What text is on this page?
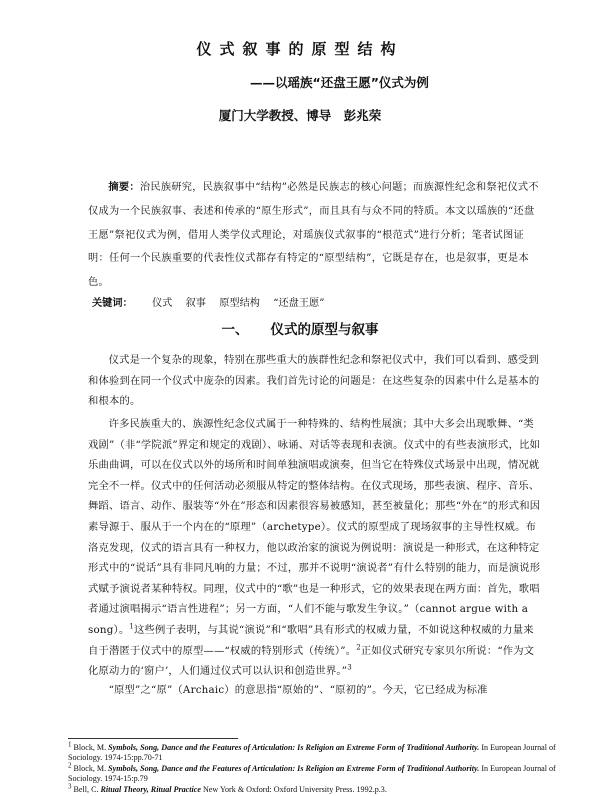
仪式叙事的原型结构
——以瑶族“还盘王愿”仪式为例
厦门大学教授、博导　彭兆荣

摘要：治民族研究，民族叙事中“结构”必然是民族志的核心问题；而族源性纪念和祭祀仪式不仅成为一个民族叙事、表述和传承的“原生形式”，而且具有与众不同的特质。本文以瑶族的“还盘王愿”祭祀仪式为例，借用人类学仪式理论，对瑶族仪式叙事的“根范式”进行分析；笔者试图证明：任何一个民族重要的代表性仪式都存有特定的“原型结构”，它既是存在，也是叙事，更是本色。

关键词： 仪式 叙事 原型结构 “还盘王愿”
一、 仪式的原型与叙事

仪式是一个复杂的现象，特别在那些重大的族群性纪念和祭祀仪式中，我们可以看到、感受到和体验到在同一个仪式中庞杂的因素。我们首先讨论的问题是：在这些复杂的因素中什么是基本的和根本的。

许多民族重大的、族源性纪念仪式属于一种特殊的、结构性展演；其中大多会出现歌舞、“类戏剧”（非“学院派”界定和规定的戏剧）、咏诵、对话等表现和表演。仪式中的有些表演形式，比如乐曲曲调，可以在仪式以外的场所和时间单独演唱或演奏，但当它在特殊仪式场景中出现，情况就完全不一样。仪式中的任何活动必须服从特定的整体结构。在仪式现场，那些表演、程序、音乐、舞蹈、语言、动作、服装等“外在”形态和因素很容易被感知，甚至被量化；那些“外在”的形式和因素导源于、服从于一个内在的“原理”（archetype）。仪式的原型成了现场叙事的主导性权威。布洛克发现，仪式的语言具有一种权力，他以政治家的演说为例说明：演说是一种形式，在这种特定形式中的“说话”具有非同凡响的力量；不过，那并不说明“演说者”有什么特别的能力，而是演说形式赋予演说者某种特权。同理，仪式中的“歌”也是一种形式，它的效果表现在两方面：首先，歌唱者通过演唱揭示“语言性进程”；另一方面，“人们不能与歌发生争议。”（cannot argue with a song）。$^1$这些例子表明，与其说“演说”和“歌唱”具有形式的权威力量，不如说这种权威的力量来自于潜匿于仪式中的原型——“权威的特别形式（传统）”。$^2$正如仪式研究专家贝尔所说：“作为文化原动力的‘窗户’，人们通过仪式可以认识和创造世界。”$^3$

“原型”之“原”（Archaic）的意思指“原始的”、“原初的”。今天，它已经成为标准

$^1$ Block, M. Symbols, Song, Dance and the Features of Articulation: Is Religion an Extreme Form of Traditional Authority. In European Journal of Sociology. 1974-15:pp.70-71
$^2$ Block, M. Symbols, Song, Dance and the Features of Articulation: Is Religion an Extreme Form of Traditional Authority. In European Journal of Sociology. 1974-15:p.79
$^3$ Bell, C. Ritual Theory, Ritual Practice New York & Oxford: Oxford University Press. 1992.p.3.
